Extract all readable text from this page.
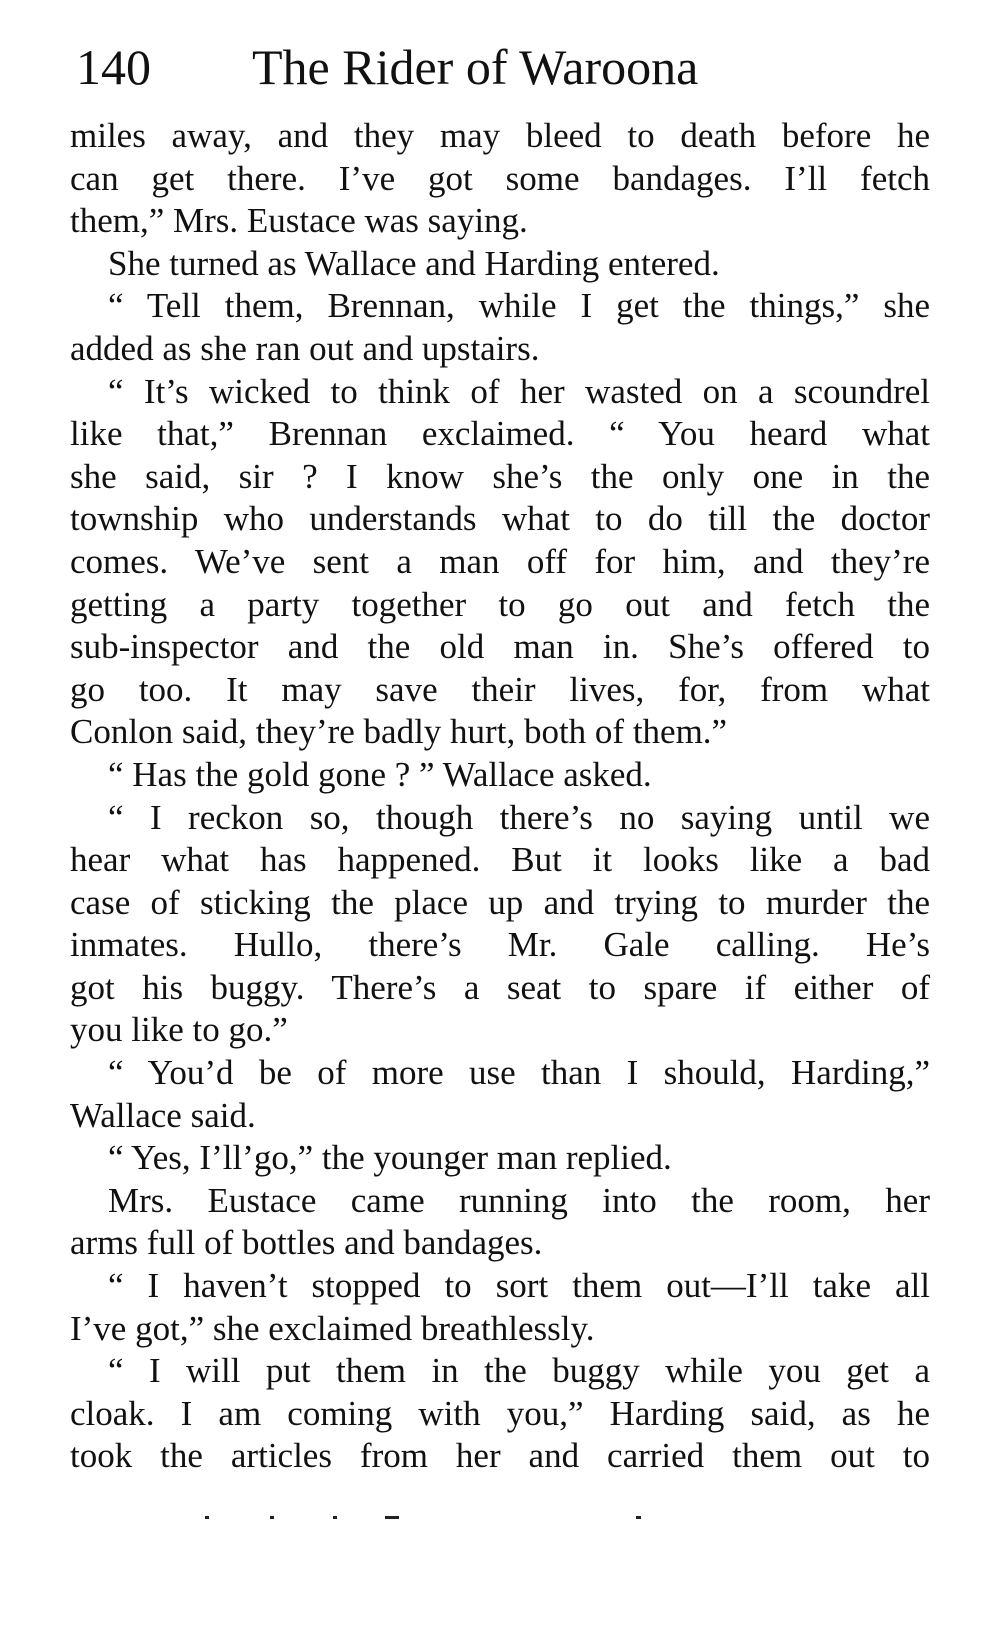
140 The Rider of Waroona
miles away, and they may bleed to death before he
can get there. I’ve got some bandages. I’ll fetch
them,” Mrs. Eustace was saying.
She turned as Wallace and Harding entered.
“ Tell them, Brennan, while I get the things,” she
added as she ran out and upstairs.
“ It’s wicked to think of her wasted on a scoundrel
like that,” Brennan exclaimed. “ You heard what
she said, sir ? I know she’s the only one in the
township who understands what to do till the doctor
comes. We’ve sent a man off for him, and they’re
getting a party together to go out and fetch the
sub-inspector and the old man in. She’s offered to
go too. It may save their lives, for, from what
Conlon said, they’re badly hurt, both of them.”
“ Has the gold gone ? ” Wallace asked.
“ I reckon so, though there’s no saying until we
hear what has happened. But it looks like a bad
case of sticking the place up and trying to murder the
inmates. Hullo, there’s Mr. Gale calling. He’s
got his buggy. There’s a seat to spare if either of
you like to go.”
“ You’d be of more use than I should, Harding,”
Wallace said.
“ Yes, I’ll’go,” the younger man replied.
Mrs. Eustace came running into the room, her
arms full of bottles and bandages.
“ I haven’t stopped to sort them out—I’ll take all
I’ve got,” she exclaimed breathlessly.
“ I will put them in the buggy while you get a
cloak. I am coming with you,” Harding said, as he
took the articles from her and carried them out to
